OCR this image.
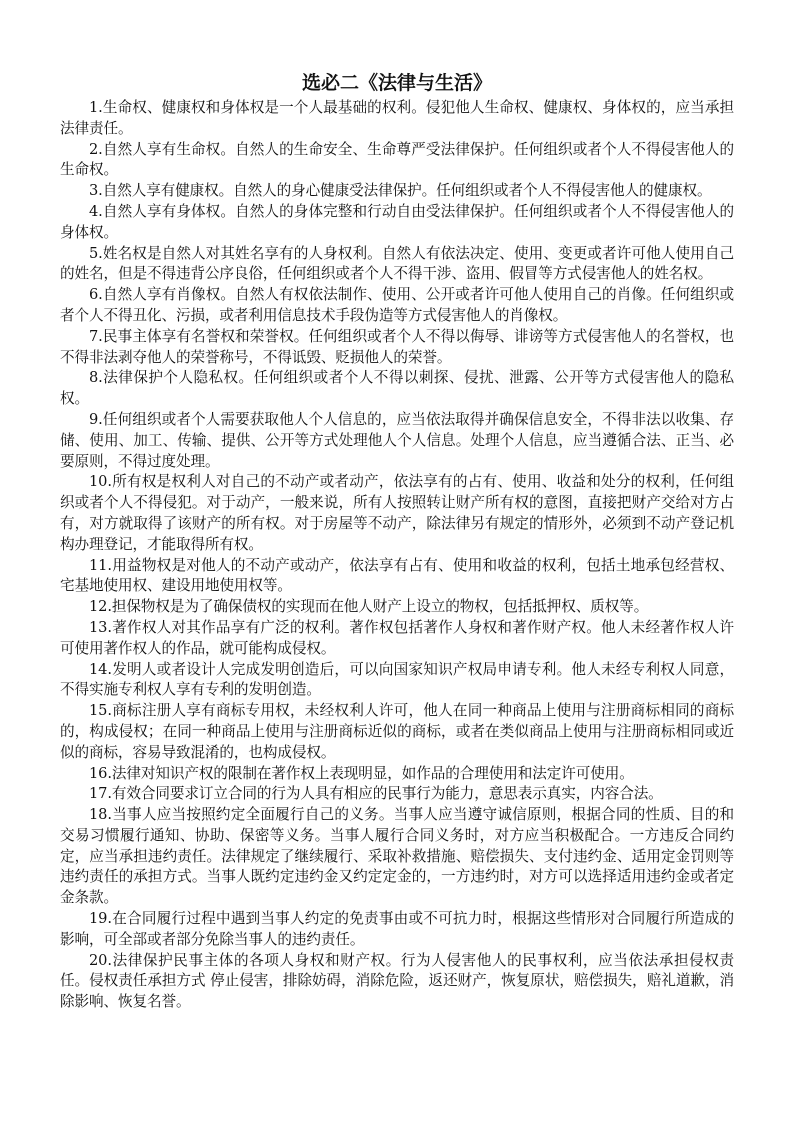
选必二《法律与生活》

1.生命权、健康权和身体权是一个人最基础的权利。侵犯他人生命权、健康权、身体权的，应当承担法律责任。

2.自然人享有生命权。自然人的生命安全、生命尊严受法律保护。任何组织或者个人不得侵害他人的生命权。

3.自然人享有健康权。自然人的身心健康受法律保护。任何组织或者个人不得侵害他人的健康权。

4.自然人享有身体权。自然人的身体完整和行动自由受法律保护。任何组织或者个人不得侵害他人的身体权。

5.姓名权是自然人对其姓名享有的人身权利。自然人有依法决定、使用、变更或者许可他人使用自己的姓名，但是不得违背公序良俗，任何组织或者个人不得干涉、盗用、假冒等方式侵害他人的姓名权。

6.自然人享有肖像权。自然人有权依法制作、使用、公开或者许可他人使用自己的肖像。任何组织或者个人不得丑化、污损，或者利用信息技术手段伪造等方式侵害他人的肖像权。

7.民事主体享有名誉权和荣誉权。任何组织或者个人不得以侮辱、诽谤等方式侵害他人的名誉权，也不得非法剥夺他人的荣誉称号，不得诋毁、贬损他人的荣誉。

8.法律保护个人隐私权。任何组织或者个人不得以刺探、侵扰、泄露、公开等方式侵害他人的隐私权。

9.任何组织或者个人需要获取他人个人信息的，应当依法取得并确保信息安全，不得非法以收集、存储、使用、加工、传输、提供、公开等方式处理他人个人信息。处理个人信息，应当遵循合法、正当、必要原则，不得过度处理。

10.所有权是权利人对自己的不动产或者动产，依法享有的占有、使用、收益和处分的权利，任何组织或者个人不得侵犯。对于动产，一般来说，所有人按照转让财产所有权的意图，直接把财产交给对方占有，对方就取得了该财产的所有权。对于房屋等不动产，除法律另有规定的情形外，必须到不动产登记机构办理登记，才能取得所有权。

11.用益物权是对他人的不动产或动产，依法享有占有、使用和收益的权利，包括土地承包经营权、宅基地使用权、建设用地使用权等。

12.担保物权是为了确保债权的实现而在他人财产上设立的物权，包括抵押权、质权等。

13.著作权人对其作品享有广泛的权利。著作权包括著作人身权和著作财产权。他人未经著作权人许可使用著作权人的作品，就可能构成侵权。

14.发明人或者设计人完成发明创造后，可以向国家知识产权局申请专利。他人未经专利权人同意，不得实施专利权人享有专利的发明创造。

15.商标注册人享有商标专用权，未经权利人许可，他人在同一种商品上使用与注册商标相同的商标的，构成侵权；在同一种商品上使用与注册商标近似的商标，或者在类似商品上使用与注册商标相同或近似的商标，容易导致混淆的，也构成侵权。

16.法律对知识产权的限制在著作权上表现明显，如作品的合理使用和法定许可使用。

17.有效合同要求订立合同的行为人具有相应的民事行为能力，意思表示真实，内容合法。

18.当事人应当按照约定全面履行自己的义务。当事人应当遵守诚信原则，根据合同的性质、目的和交易习惯履行通知、协助、保密等义务。当事人履行合同义务时，对方应当积极配合。一方违反合同约定，应当承担违约责任。法律规定了继续履行、采取补救措施、赔偿损失、支付违约金、适用定金罚则等违约责任的承担方式。当事人既约定违约金又约定定金的，一方违约时，对方可以选择适用违约金或者定金条款。

19.在合同履行过程中遇到当事人约定的免责事由或不可抗力时，根据这些情形对合同履行所造成的影响，可全部或者部分免除当事人的违约责任。

20.法律保护民事主体的各项人身权和财产权。行为人侵害他人的民事权利，应当依法承担侵权责任。侵权责任承担方式 停止侵害，排除妨碍，消除危险，返还财产，恢复原状，赔偿损失，赔礼道歉，消除影响、恢复名誉。
